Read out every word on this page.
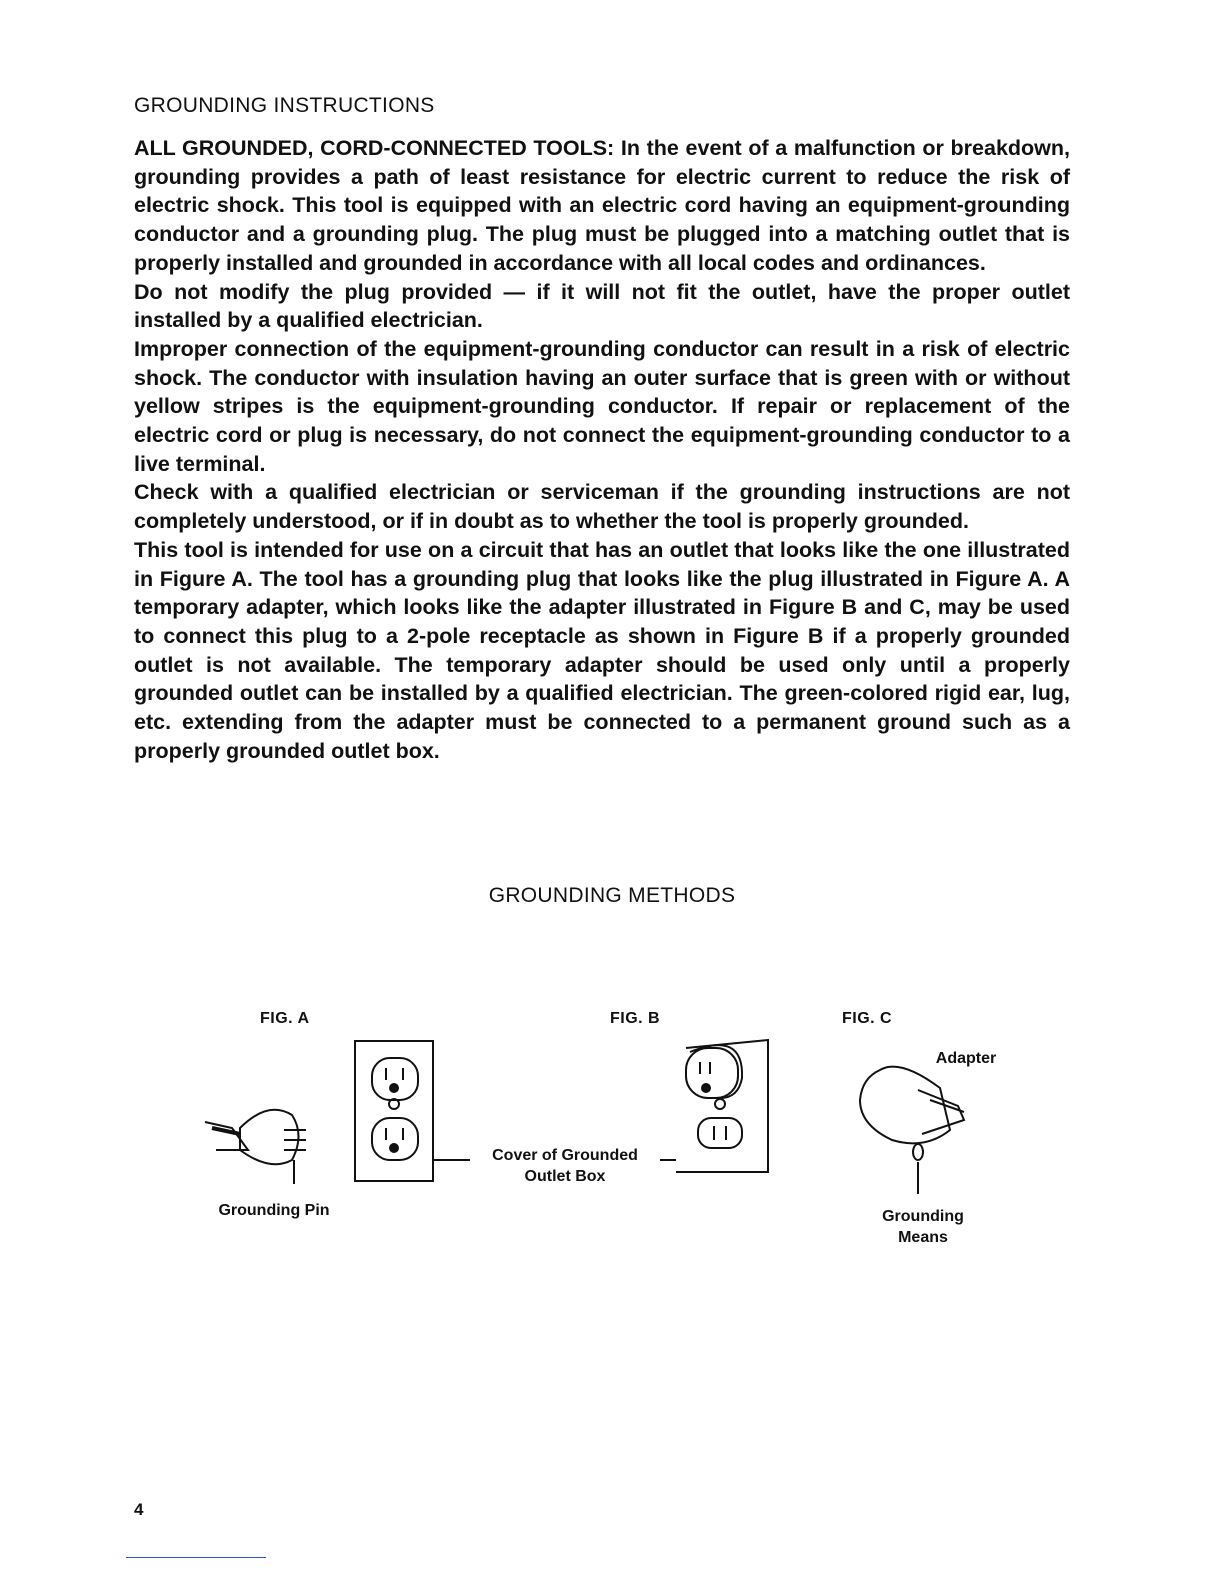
GROUNDING INSTRUCTIONS

ALL GROUNDED, CORD-CONNECTED TOOLS: In the event of a malfunction or breakdown, grounding provides a path of least resistance for electric current to reduce the risk of electric shock. This tool is equipped with an electric cord having an equipment-grounding conductor and a grounding plug. The plug must be plugged into a matching outlet that is properly installed and grounded in accordance with all local codes and ordinances.

Do not modify the plug provided — if it will not fit the outlet, have the proper outlet installed by a qualified electrician.

Improper connection of the equipment-grounding conductor can result in a risk of electric shock. The conductor with insulation having an outer surface that is green with or without yellow stripes is the equipment-grounding conductor. If repair or replacement of the electric cord or plug is necessary, do not connect the equipment-grounding conductor to a live terminal.

Check with a qualified electrician or serviceman if the grounding instructions are not completely understood, or if in doubt as to whether the tool is properly grounded.

This tool is intended for use on a circuit that has an outlet that looks like the one illustrated in Figure A. The tool has a grounding plug that looks like the plug illustrated in Figure A. A temporary adapter, which looks like the adapter illustrated in Figure B and C, may be used to connect this plug to a 2-pole receptacle as shown in Figure B if a properly grounded outlet is not available. The temporary adapter should be used only until a properly grounded outlet can be installed by a qualified electrician. The green-colored rigid ear, lug, etc. extending from the adapter must be connected to a permanent ground such as a properly grounded outlet box.

GROUNDING METHODS
FIG. A	FIG. B	FIG. C
Grounding Pin
Cover of Grounded
Outlet Box
Adapter
Grounding
Means
4
